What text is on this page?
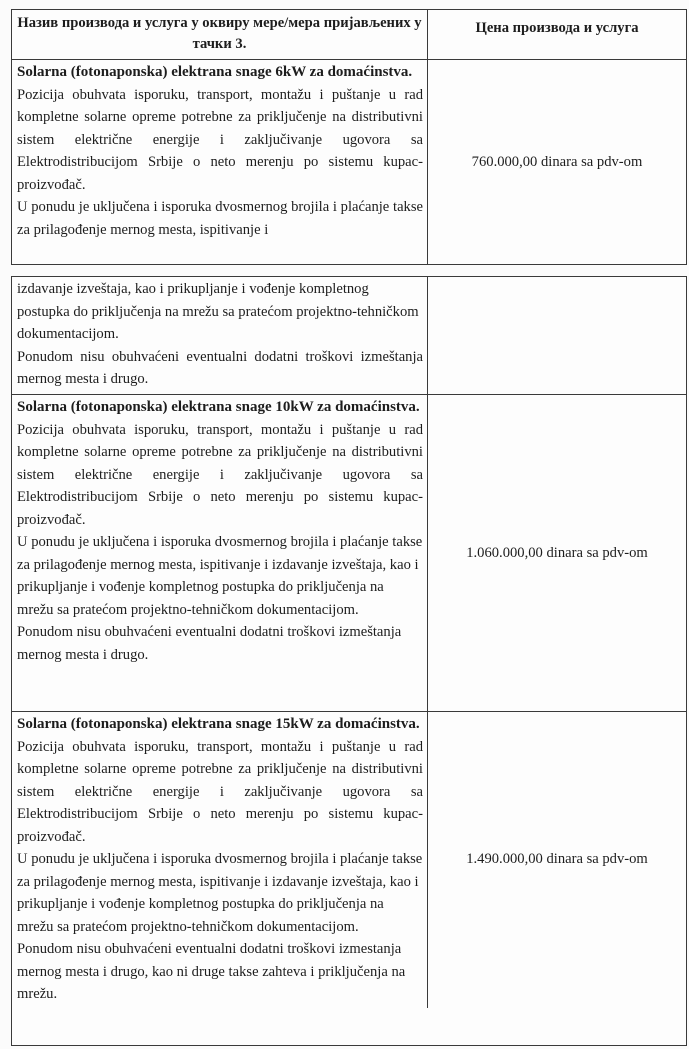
Назив производа и услуга у оквиру мере/мера пријављених у тачки 3.
Цена производа и услуга
Solarna (fotonaponska) elektrana snage 6kW za domaćinstva.
Pozicija obuhvata isporuku, transport, montažu i puštanje u rad kompletne solarne opreme potrebne za priključenje na distributivni sistem električne energije i zaključivanje ugovora sa Elektrodistribucijom Srbije o neto merenju po sistemu kupac-proizvođač.
U ponudu je uključena i isporuka dvosmernog brojila i plaćanje takse za prilagođenje mernog mesta, ispitivanje i
760.000,00 dinara sa pdv-om
izdavanje izveštaja, kao i prikupljanje i vođenje kompletnog postupka do priključenja na mrežu sa pratećom projektno-tehničkom dokumentacijom.
Ponudom nisu obuhvaćeni eventualni dodatni troškovi izmeštanja mernog mesta i drugo.
Solarna (fotonaponska) elektrana snage 10kW za domaćinstva.
Pozicija obuhvata isporuku, transport, montažu i puštanje u rad kompletne solarne opreme potrebne za priključenje na distributivni sistem električne energije i zaključivanje ugovora sa Elektrodistribucijom Srbije o neto merenju po sistemu kupac-proizvođač.
U ponudu je uključena i isporuka dvosmernog brojila i plaćanje takse za prilagođenje mernog mesta, ispitivanje i izdavanje izveštaja, kao i prikupljanje i vođenje kompletnog postupka do priključenja na mrežu sa pratećom projektno-tehničkom dokumentacijom.
Ponudom nisu obuhvaćeni eventualni dodatni troškovi izmeštanja mernog mesta i drugo.
1.060.000,00 dinara sa pdv-om
Solarna (fotonaponska) elektrana snage 15kW za domaćinstva.
Pozicija obuhvata isporuku, transport, montažu i puštanje u rad kompletne solarne opreme potrebne za priključenje na distributivni sistem električne energije i zaključivanje ugovora sa Elektrodistribucijom Srbije o neto merenju po sistemu kupac-proizvođač.
U ponudu je uključena i isporuka dvosmernog brojila i plaćanje takse za prilagođenje mernog mesta, ispitivanje i izdavanje izveštaja, kao i prikupljanje i vođenje kompletnog postupka do priključenja na mrežu sa pratećom projektno-tehničkom dokumentacijom.
Ponudom nisu obuhvaćeni eventualni dodatni troškovi izmestanja mernog mesta i drugo, kao ni druge takse zahteva i priključenja na mrežu.
1.490.000,00 dinara sa pdv-om
